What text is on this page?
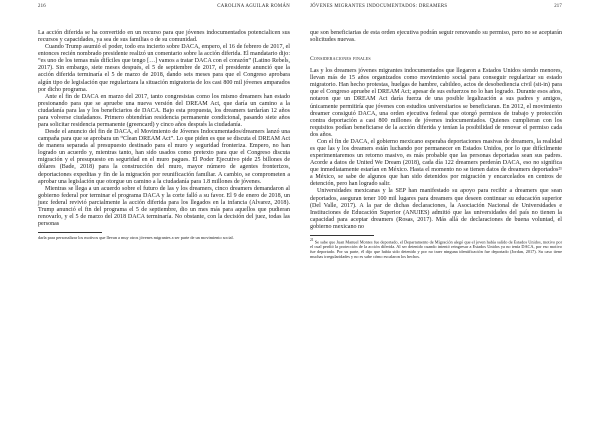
216	CAROLINA AGUILAR ROMÁN

La acción diferida se ha convertido en un recurso para que jóvenes indocumentados potencialicen sus recursos y capacidades, ya sea de sus familias o de su comunidad.

Cuando Trump asumió el poder, todo era incierto sobre DACA, empero, el 16 de febrero de 2017, el entonces recién nombrado presidente realizó un comentario sobre la acción diferida. El mandatario dijo: “es uno de los temas más difíciles que tengo […] vamos a tratar DACA con el corazón” (Latino Rebels, 2017). Sin embargo, siete meses después, el 5 de septiembre de 2017, el presidente anunció que la acción diferida terminaría el 5 de marzo de 2018, dando seis meses para que el Congreso aprobara algún tipo de legislación que regularizara la situación migratoria de los casi 800 mil jóvenes amparados por dicho programa.

Ante el fin de DACA en marzo del 2017, tanto congresistas como los mismo dreamers han estado presionando para que se apruebe una nueva versión del DREAM Act, que daría un camino a la ciudadanía para las y los beneficiarios de DACA. Bajo esta propuesta, los dreamers tardarían 12 años para volverse ciudadanos. Primero obtendrían residencia permanente condicional, pasando siete años para solicitar residencia permanente (greencard) y cinco años después la ciudadanía.

Desde el anuncio del fin de DACA, el Movimiento de Jóvenes Indocumentados/dreamers lanzó una campaña para que se aprobara un “Clean DREAM Act”. Lo que piden es que se discuta el DREAM Act de manera separada al presupuesto destinado para el muro y seguridad fronteriza. Empero, no han logrado un acuerdo y, mientras tanto, han sido usados como pretexto para que el Congreso discuta migración y el presupuesto en seguridad en el muro pagues. El Poder Ejecutivo pide 25 billones de dólares (Bade, 2018) para la construcción del muro, mayor número de agentes fronterizos, deportaciones expeditas y fin de la migración por reunificación familiar. A cambio, se comprometen a aprobar una legislación que otorgue un camino a la ciudadanía para 1.8 millones de jóvenes.

Mientras se llega a un acuerdo sobre el futuro de las y los dreamers, cinco dreamers demandaron al gobierno federal por terminar el programa DACA y la corte falló a su favor. El 9 de enero de 2018, un juez federal revivió parcialmente la acción diferida para los llegados en la infancia (Alvarez, 2018). Trump anunció el fin del programa el 5 de septiembre, dio un mes más para aquellos que pudieran renovarlo, y el 5 de marzo del 2018 DACA terminaría. No obstante, con la decisión del juez, todas las personas

darla para personalizar los motivos que llevan a muy otros jóvenes migrantes a ser parte de un movimiento social.

JÓVENES MIGRANTES INDOCUMENTADOS: DREAMERS	217

que son beneficiarias de esta orden ejecutiva podrán seguir renovando su permiso, pero no se aceptarán solicitudes nuevas.

Consideraciones finales

Las y los dreamers jóvenes migrantes indocumentados que llegaron a Estados Unidos siendo menores, llevan más de 15 años organizados como movimiento social para conseguir regularizar su estado migratorio. Han hecho protestas, huelgas de hambre, cabildeo, actos de desobediencia civil (sit-in) para que el Congreso apruebe el DREAM Act; apesar de sus esfuerzos no lo han logrado. Durante esos años, notaron que un DREAM Act daría fuerza de una posible legalización a sus padres y amigos, únicamente permitiría que jóvenes con estudios universitarios se beneficiaran. En 2012, el movimiento dreamer consiguió DACA, una orden ejecutiva federal que otorgó permisos de trabajo y protección contra deportación a casi 800 millones de jóvenes indocumentados. Quienes cumplieran con los requisitos podían beneficiarse de la acción diferida y tenían la posibilidad de renovar el permiso cada dos años.

Con el fin de DACA, el gobierno mexicano esperaba deportaciones masivas de dreamers, la realidad es que las y los dreamers están luchando por permanecer en Estados Unidos, por lo que difícilmente experimentaremos un retorno masivo, es más probable que las personas deportadas sean sus padres. Acorde a datos de United We Dream (2018), cada día 122 dreamers perderán DACA, eso no significa que inmediatamente estarían en México. Hasta el momento no se tienen datos de dreamers deportados²¹ a México, se sabe de algunos que han sido detenidos por migración y encarcelados en centros de detención, pero han logrado salir.

Universidades mexicanas y la SEP han manifestado su apoyo para recibir a dreamers que sean deportados, aseguran tener 100 mil lugares para dreamers que deseen continuar su educación superior (Del Valle, 2017). A la par de dichas declaraciones, la Asociación Nacional de Universidades e Instituciones de Educación Superior (ANUIES) admitió que las universidades del país no tienen la capacidad para aceptar dreamers (Rosas, 2017). Más allá de declaraciones de buena voluntad, el gobierno mexicano no

$^{21}$ Se sabe que Juan Manuel Montes fue deportado, el Departamento de Migración alegó que el joven había salido de Estados Unidos, motivo por el cual perdió la protección de la acción diferida. Al ser detenido cuando intentó reingresar a Estados Unidos ya no tenía DACA, por eso motivo fue deportado. Por su parte, él dijo que había sido detenido y por no traer ninguna identificación fue deportado (Jordan, 2017). Su caso tiene muchas irregularidades y no es sabe cómo escalaron los hechos.
